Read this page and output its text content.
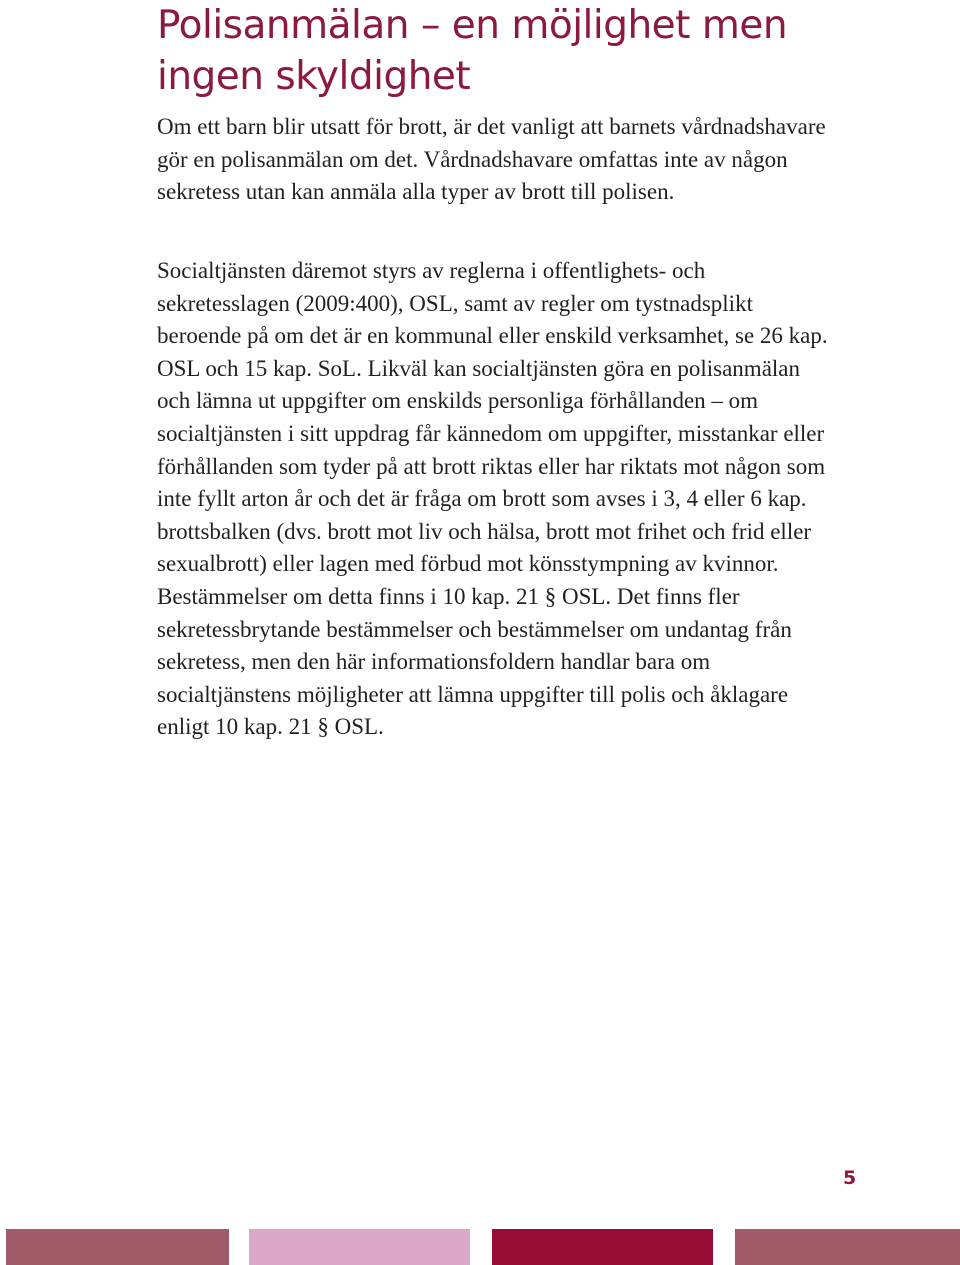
Polisanmälan – en möjlighet men ingen skyldighet

Om ett barn blir utsatt för brott, är det vanligt att barnets vårdnadshavare gör en polisanmälan om det. Vårdnadshavare omfattas inte av någon sekretess utan kan anmäla alla typer av brott till polisen.

Socialtjänsten däremot styrs av reglerna i offentlighets- och sekretesslagen (2009:400), OSL, samt av regler om tystnadsplikt beroende på om det är en kommunal eller enskild verksamhet, se 26 kap. OSL och 15 kap. SoL. Likväl kan socialtjänsten göra en polisanmälan och lämna ut uppgifter om enskilds personliga förhållanden – om socialtjänsten i sitt uppdrag får kännedom om uppgifter, misstankar eller förhållanden som tyder på att brott riktas eller har riktats mot någon som inte fyllt arton år och det är fråga om brott som avses i 3, 4 eller 6 kap. brottsbalken (dvs. brott mot liv och hälsa, brott mot frihet och frid eller sexualbrott) eller lagen med förbud mot könsstympning av kvinnor. Bestämmelser om detta finns i 10 kap. 21 § OSL. Det finns fler sekretessbrytande bestämmelser och bestämmelser om undantag från sekretess, men den här informationsfoldern handlar bara om socialtjänstens möjligheter att lämna uppgifter till polis och åklagare enligt 10 kap. 21 § OSL.

5
